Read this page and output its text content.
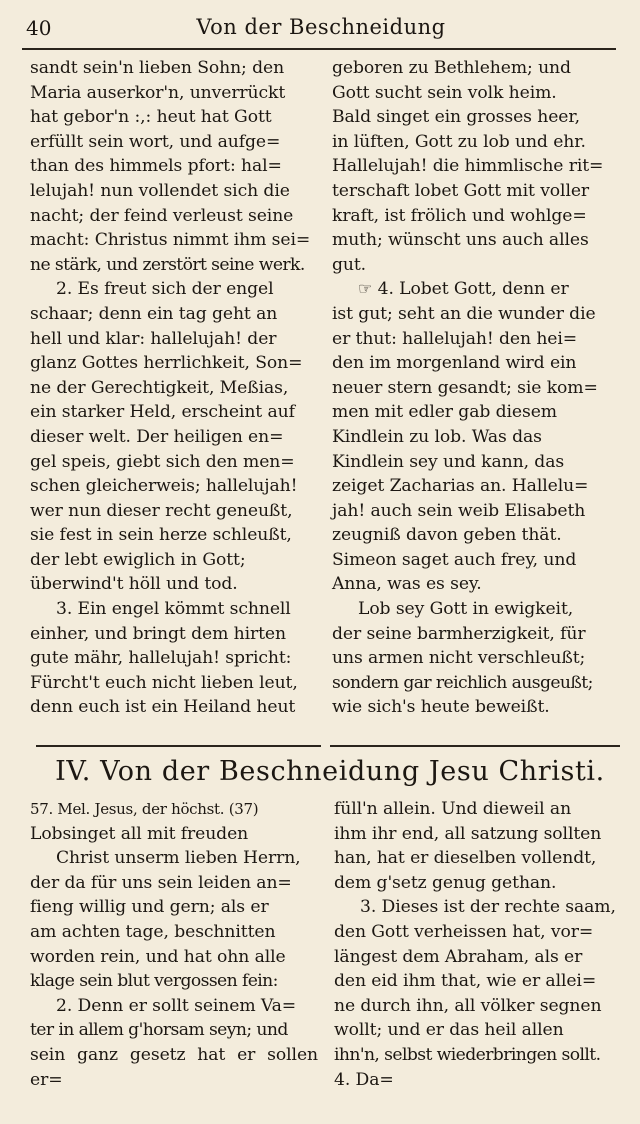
40	Von der Beschneidung

sandt sein'n lieben Sohn; den

Maria auserkor'n, unverrückt

hat gebor'n :,: heut hat Gott

erfüllt sein wort, und aufge=

than des himmels pfort: hal=

lelujah! nun vollendet sich die

nacht; der feind verleust seine

macht: Christus nimmt ihm sei=

ne stärk, und zerstört seine werk.

2. Es freut sich der engel

schaar; denn ein tag geht an

hell und klar: hallelujah! der

glanz Gottes herrlichkeit, Son=

ne der Gerechtigkeit, Meßias,

ein starker Held, erscheint auf

dieser welt. Der heiligen en=

gel speis, giebt sich den men=

schen gleicherweis; hallelujah!

wer nun dieser recht geneußt,

sie fest in sein herze schleußt,

der lebt ewiglich in Gott;

überwind't höll und tod.

3. Ein engel kömmt schnell

einher, und bringt dem hirten

gute mähr, hallelujah! spricht:

Fürcht't euch nicht lieben leut,

denn euch ist ein Heiland heut

geboren zu Bethlehem; und

Gott sucht sein volk heim.

Bald singet ein grosses heer,

in lüften, Gott zu lob und ehr.

Hallelujah! die himmlische rit=

terschaft lobet Gott mit voller

kraft, ist frölich und wohlge=

muth; wünscht uns auch alles

gut.

☞ 4. Lobet Gott, denn er

ist gut; seht an die wunder die

er thut: hallelujah! den hei=

den im morgenland wird ein

neuer stern gesandt; sie kom=

men mit edler gab diesem

Kindlein zu lob. Was das

Kindlein sey und kann, das

zeiget Zacharias an. Hallelu=

jah! auch sein weib Elisabeth

zeugniß davon geben thät.

Simeon saget auch frey, und

Anna, was es sey.

Lob sey Gott in ewigkeit,

der seine barmherzigkeit, für

uns armen nicht verschleußt;

sondern gar reichlich ausgeußt;

wie sich's heute beweißt.

IV. Von der Beschneidung Jesu Christi.

57. Mel. Jesus, der höchst. (37)

Lobsinget all mit freuden

Christ unserm lieben Herrn,

der da für uns sein leiden an=

fieng willig und gern; als er

am achten tage, beschnitten

worden rein, und hat ohn alle

klage sein blut vergossen fein:

2. Denn er sollt seinem Va=

ter in allem g'horsam seyn; und

sein ganz gesetz hat er sollen er=

füll'n allein. Und dieweil an

ihm ihr end, all satzung sollten

han, hat er dieselben vollendt,

dem g'setz genug gethan.

3. Dieses ist der rechte saam,

den Gott verheissen hat, vor=

längest dem Abraham, als er

den eid ihm that, wie er allei=

ne durch ihn, all völker segnen

wollt; und er das heil allen

ihn'n, selbst wiederbringen sollt.

4. Da=
